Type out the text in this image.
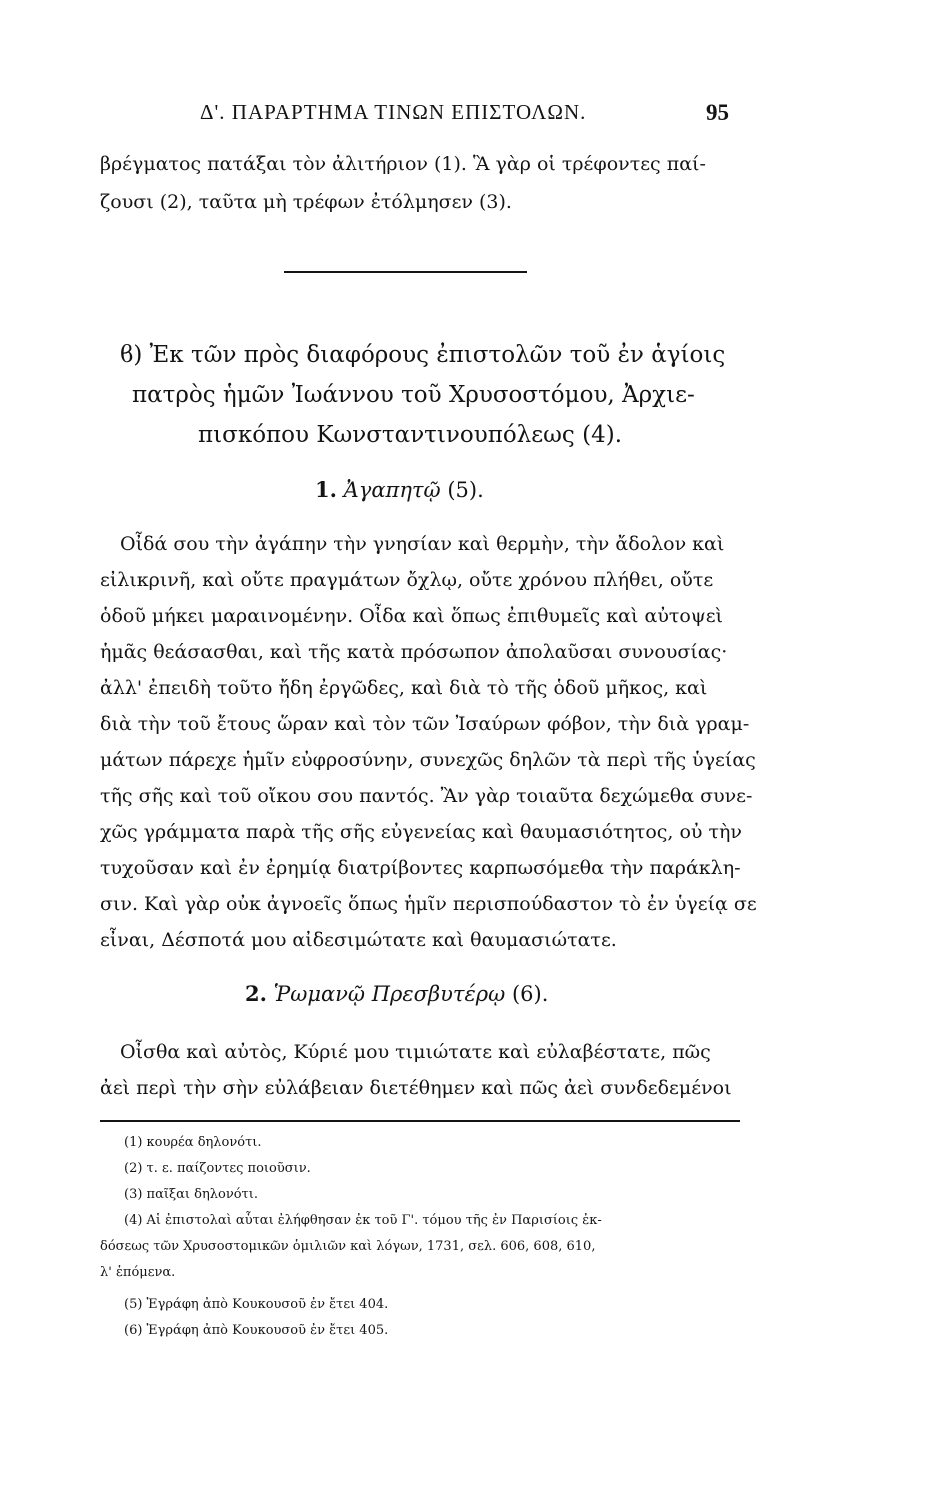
Δ'. ΠΑΡΑΡΤΗΜΑ ΤΙΝΩΝ ΕΠΙΣΤΟΛΩΝ.	95
βρέγματος πατάξαι τὸν ἀλιτήριον (1). Ἃ γὰρ οἱ τρέφοντες παί-
ζουσι (2), ταῦτα μὴ τρέφων ἐτόλμησεν (3).
ϐ) Ἐκ τῶν πρὸς διαφόρους ἐπιστολῶν τοῦ ἐν ἁγίοις
πατρὸς ἡμῶν Ἰωάννου τοῦ Χρυσοστόμου, Ἀρχιε-
πισκόπου Κωνσταντινουπόλεως (4).
1. Ἀγαπητῷ (5).
Οἶδά σου τὴν ἀγάπην τὴν γνησίαν καὶ θερμὴν, τὴν ἄδολον καὶ
εἰλικρινῆ, καὶ οὔτε πραγμάτων ὄχλῳ, οὔτε χρόνου πλήθει, οὔτε
ὁδοῦ μήκει μαραινομένην. Οἶδα καὶ ὅπως ἐπιθυμεῖς καὶ αὐτοψεὶ
ἡμᾶς θεάσασθαι, καὶ τῆς κατὰ πρόσωπον ἀπολαῦσαι συνουσίας·
ἀλλ' ἐπειδὴ τοῦτο ἤδη ἐργῶδες, καὶ διὰ τὸ τῆς ὁδοῦ μῆκος, καὶ
διὰ τὴν τοῦ ἔτους ὥραν καὶ τὸν τῶν Ἰσαύρων φόβον, τὴν διὰ γραμ-
μάτων πάρεχε ἡμῖν εὐφροσύνην, συνεχῶς δηλῶν τὰ περὶ τῆς ὑγείας
τῆς σῆς καὶ τοῦ οἴκου σου παντός. Ἂν γὰρ τοιαῦτα δεχώμεθα συνε-
χῶς γράμματα παρὰ τῆς σῆς εὐγενείας καὶ θαυμασιότητος, οὐ τὴν
τυχοῦσαν καὶ ἐν ἐρημίᾳ διατρίβοντες καρπωσόμεθα τὴν παράκλη-
σιν. Καὶ γὰρ οὐκ ἀγνοεῖς ὅπως ἡμῖν περισπούδαστον τὸ ἐν ὑγείᾳ σε
εἶναι, Δέσποτά μου αἰδεσιμώτατε καὶ θαυμασιώτατε.
2. Ῥωμανῷ Πρεσβυτέρῳ (6).
Οἶσθα καὶ αὐτὸς, Κύριέ μου τιμιώτατε καὶ εὐλαβέστατε, πῶς
ἀεὶ περὶ τὴν σὴν εὐλάβειαν διετέθημεν καὶ πῶς ἀεὶ συνδεδεμένοι
(1) κουρέα δηλονότι.
(2) τ. ε. παίζοντες ποιοῦσιν.
(3) παῖξαι δηλονότι.
(4) Αἱ ἐπιστολαὶ αὗται ἐλήφθησαν ἐκ τοῦ Γ'. τόμου τῆς ἐν Παρισίοις ἐκ-
δόσεως τῶν Χρυσοστομικῶν ὁμιλιῶν καὶ λόγων, 1731, σελ. 606, 608, 610,
λ' ἑπόμενα.
(5) Ἐγράφη ἀπὸ Κουκουσοῦ ἐν ἔτει 404.
(6) Ἐγράφη ἀπὸ Κουκουσοῦ ἐν ἔτει 405.
